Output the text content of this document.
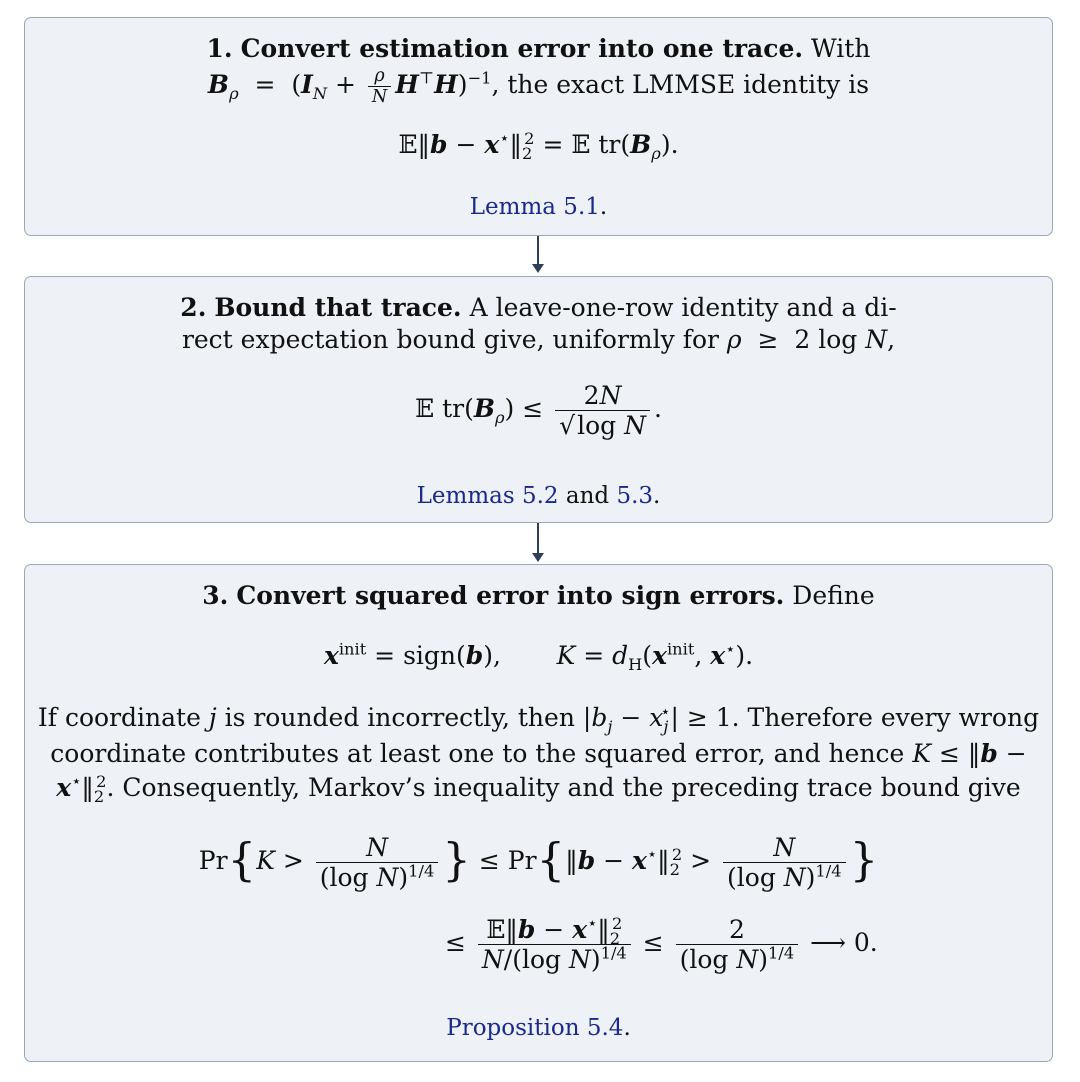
1. Convert estimation error into one trace. With
$B_\rho = (I_N + \frac{\rho}{N} H^⊤H)^{-1}$, the exact LMMSE identity is
𝔼‖b − $x^⋆‖_2^2$ = 𝔼 $tr(B_\rho)$.
Lemma 5.1.
2. Bound that trace. A leave-one-row identity and a di-
rect expectation bound give, uniformly for ρ  ≥  2 log N,
𝔼 $tr(B_\rho) \le \frac{2N}{\text{√log N}}$ .
Lemmas 5.2 and 5.3.
3. Convert squared error into sign errors. Define
$x^{init}$ = sign(b),       $K = d_H(x^{init}$, x⋆).
If coordinate j is rounded incorrectly, then $|b_j - x_j^⋆| \ge 1$. Therefore every wrong
coordinate contributes at least one to the squared error, and hence K ≤ ‖b −
$x^⋆‖_2^2$. Consequently, Markov’s inequality and the preceding trace bound give
$Pr\{K > \frac{N}{(\log N)^{1/4}}$ } ≤ Pr{‖b − $x^⋆‖_2^2 > \frac{N}{(\log N)^{1/4}}$ }
≤ $\frac{𝔼‖b - x^⋆‖_2^2}{N/(\log N)^{1/4}} \le \frac{2}{(\log N)^{1/4}}$ ⟶ 0.
Proposition 5.4.
